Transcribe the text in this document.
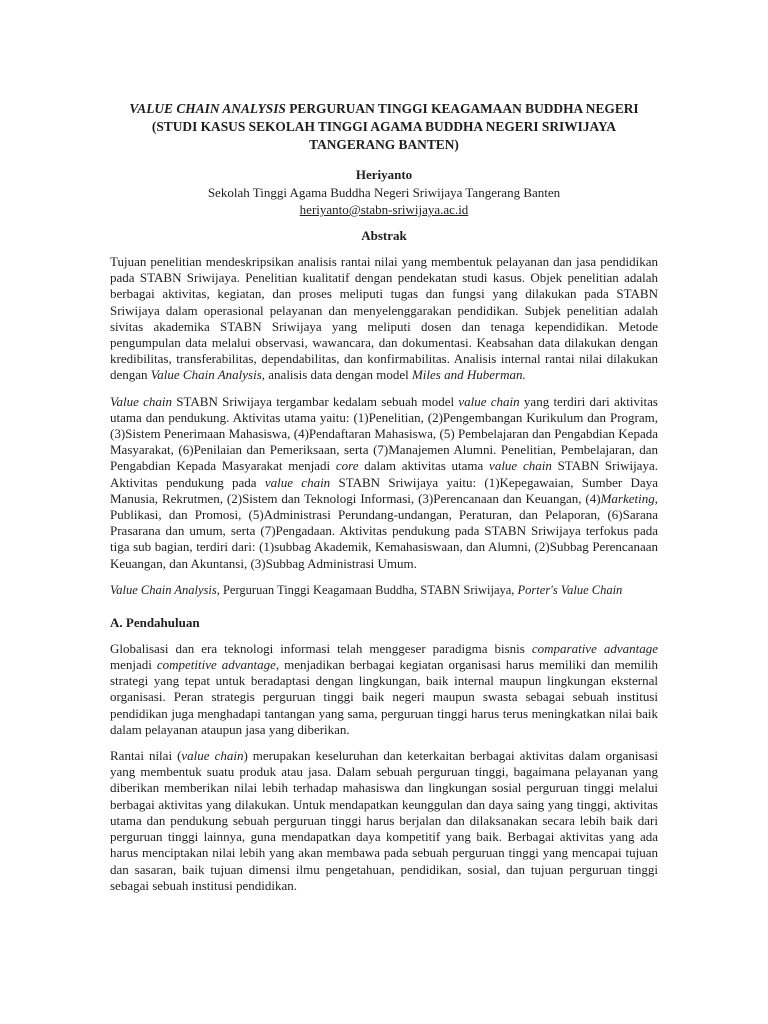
VALUE CHAIN ANALYSIS PERGURUAN TINGGI KEAGAMAAN BUDDHA NEGERI
(STUDI KASUS SEKOLAH TINGGI AGAMA BUDDHA NEGERI SRIWIJAYA
TANGERANG BANTEN)

Heriyanto

Sekolah Tinggi Agama Buddha Negeri Sriwijaya Tangerang Banten

heriyanto@stabn-sriwijaya.ac.id

Abstrak

Tujuan penelitian mendeskripsikan analisis rantai nilai yang membentuk pelayanan dan jasa pendidikan pada STABN Sriwijaya. Penelitian kualitatif dengan pendekatan studi kasus. Objek penelitian adalah berbagai aktivitas, kegiatan, dan proses meliputi tugas dan fungsi yang dilakukan pada STABN Sriwijaya dalam operasional pelayanan dan menyelenggarakan pendidikan. Subjek penelitian adalah sivitas akademika STABN Sriwijaya yang meliputi dosen dan tenaga kependidikan. Metode pengumpulan data melalui observasi, wawancara, dan dokumentasi. Keabsahan data dilakukan dengan kredibilitas, transferabilitas, dependabilitas, dan konfirmabilitas. Analisis internal rantai nilai dilakukan dengan Value Chain Analysis, analisis data dengan model Miles and Huberman.

Value chain STABN Sriwijaya tergambar kedalam sebuah model value chain yang terdiri dari aktivitas utama dan pendukung. Aktivitas utama yaitu: (1)Penelitian, (2)Pengembangan Kurikulum dan Program, (3)Sistem Penerimaan Mahasiswa, (4)Pendaftaran Mahasiswa, (5) Pembelajaran dan Pengabdian Kepada Masyarakat, (6)Penilaian dan Pemeriksaan, serta (7)Manajemen Alumni. Penelitian, Pembelajaran, dan Pengabdian Kepada Masyarakat menjadi core dalam aktivitas utama value chain STABN Sriwijaya. Aktivitas pendukung pada value chain STABN Sriwijaya yaitu: (1)Kepegawaian, Sumber Daya Manusia, Rekrutmen, (2)Sistem dan Teknologi Informasi, (3)Perencanaan dan Keuangan, (4)Marketing, Publikasi, dan Promosi, (5)Administrasi Perundang-undangan, Peraturan, dan Pelaporan, (6)Sarana Prasarana dan umum, serta (7)Pengadaan. Aktivitas pendukung pada STABN Sriwijaya terfokus pada tiga sub bagian, terdiri dari: (1)subbag Akademik, Kemahasiswaan, dan Alumni, (2)Subbag Perencanaan Keuangan, dan Akuntansi, (3)Subbag Administrasi Umum.

Value Chain Analysis, Perguruan Tinggi Keagamaan Buddha, STABN Sriwijaya, Porter's Value Chain

A. Pendahuluan

Globalisasi dan era teknologi informasi telah menggeser paradigma bisnis comparative advantage menjadi competitive advantage, menjadikan berbagai kegiatan organisasi harus memiliki dan memilih strategi yang tepat untuk beradaptasi dengan lingkungan, baik internal maupun lingkungan eksternal organisasi. Peran strategis perguruan tinggi baik negeri maupun swasta sebagai sebuah institusi pendidikan juga menghadapi tantangan yang sama, perguruan tinggi harus terus meningkatkan nilai baik dalam pelayanan ataupun jasa yang diberikan.

Rantai nilai (value chain) merupakan keseluruhan dan keterkaitan berbagai aktivitas dalam organisasi yang membentuk suatu produk atau jasa. Dalam sebuah perguruan tinggi, bagaimana pelayanan yang diberikan memberikan nilai lebih terhadap mahasiswa dan lingkungan sosial perguruan tinggi melalui berbagai aktivitas yang dilakukan. Untuk mendapatkan keunggulan dan daya saing yang tinggi, aktivitas utama dan pendukung sebuah perguruan tinggi harus berjalan dan dilaksanakan secara lebih baik dari perguruan tinggi lainnya, guna mendapatkan daya kompetitif yang baik. Berbagai aktivitas yang ada harus menciptakan nilai lebih yang akan membawa pada sebuah perguruan tinggi yang mencapai tujuan dan sasaran, baik tujuan dimensi ilmu pengetahuan, pendidikan, sosial, dan tujuan perguruan tinggi sebagai sebuah institusi pendidikan.
